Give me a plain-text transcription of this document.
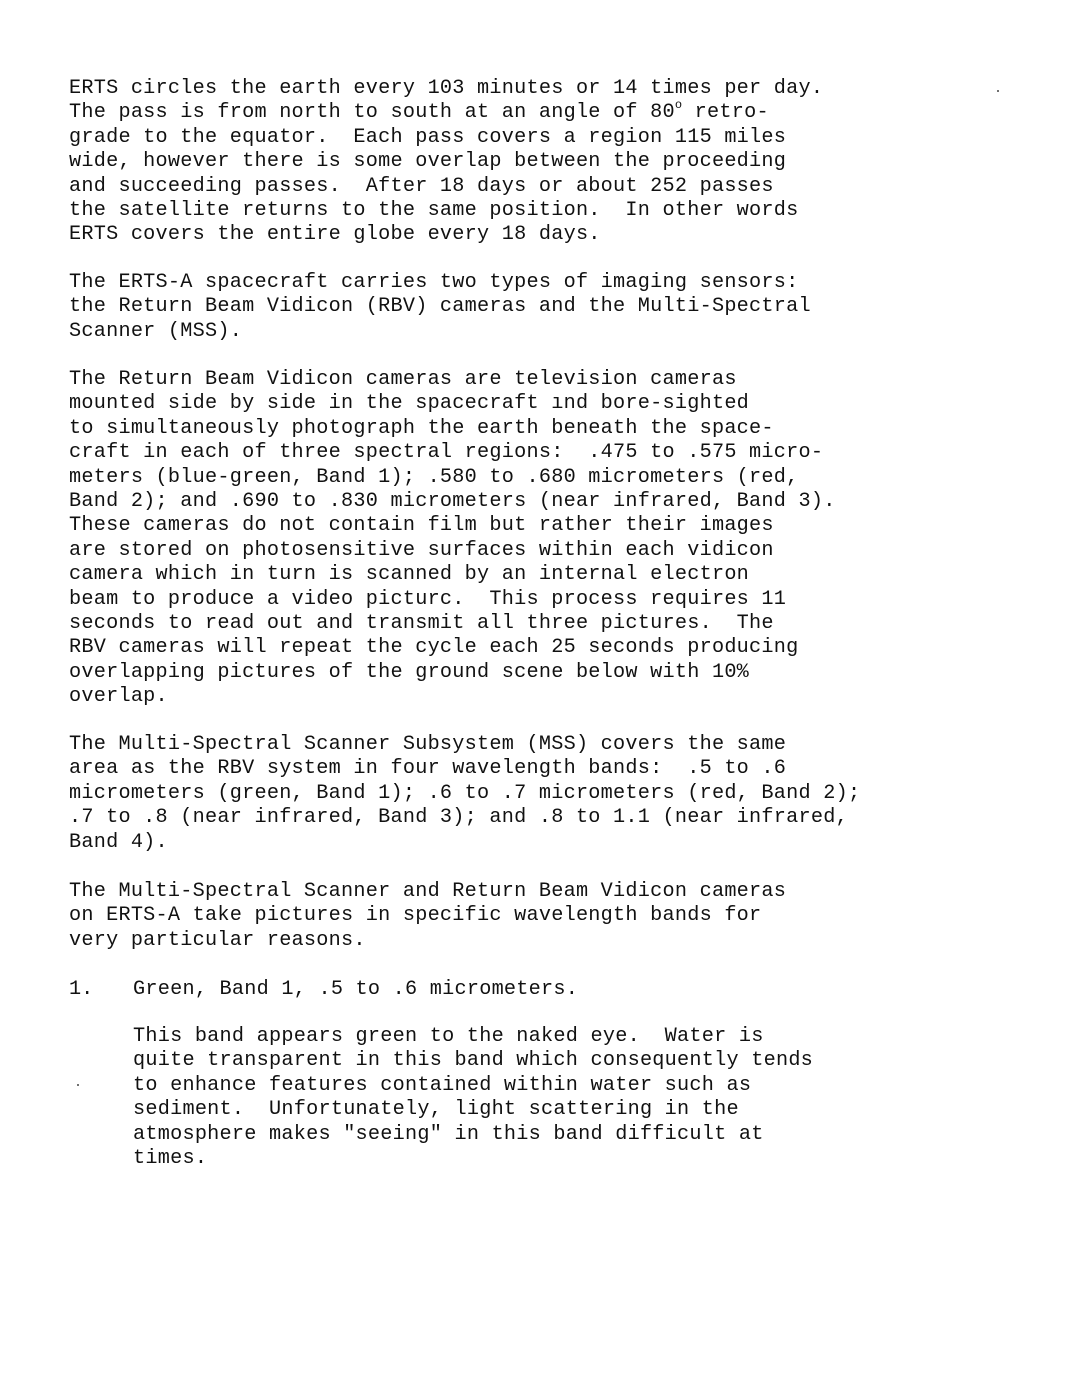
ERTS circles the earth every 103 minutes or 14 times per day.
The pass is from north to south at an angle of 80$^o$ retro-
grade to the equator.  Each pass covers a region 115 miles
wide, however there is some overlap between the proceeding
and succeeding passes.  After 18 days or about 252 passes
the satellite returns to the same position.  In other words
ERTS covers the entire globe every 18 days.

The ERTS-A spacecraft carries two types of imaging sensors:
the Return Beam Vidicon (RBV) cameras and the Multi-Spectral
Scanner (MSS).

The Return Beam Vidicon cameras are television cameras
mounted side by side in the spacecraft ınd bore-sighted
to simultaneously photograph the earth beneath the space-
craft in each of three spectral regions:  .475 to .575 micro-
meters (blue-green, Band 1); .580 to .680 micrometers (red,
Band 2); and .690 to .830 micrometers (near infrared, Band 3).
These cameras do not contain film but rather their images
are stored on photosensitive surfaces within each vidicon
camera which in turn is scanned by an internal electron
beam to produce a video picturc.  This process requires 11
seconds to read out and transmit all three pictures.  The
RBV cameras will repeat the cycle each 25 seconds producing
overlapping pictures of the ground scene below with 10%
overlap.

The Multi-Spectral Scanner Subsystem (MSS) covers the same
area as the RBV system in four wavelength bands:  .5 to .6
micrometers (green, Band 1); .6 to .7 micrometers (red, Band 2);
.7 to .8 (near infrared, Band 3); and .8 to 1.1 (near infrared,
Band 4).

The Multi-Spectral Scanner and Return Beam Vidicon cameras
on ERTS-A take pictures in specific wavelength bands for
very particular reasons.

1. Green, Band 1, .5 to .6 micrometers.

This band appears green to the naked eye.  Water is
quite transparent in this band which consequently tends
to enhance features contained within water such as
sediment.  Unfortunately, light scattering in the
atmosphere makes "seeing" in this band difficult at
times.
